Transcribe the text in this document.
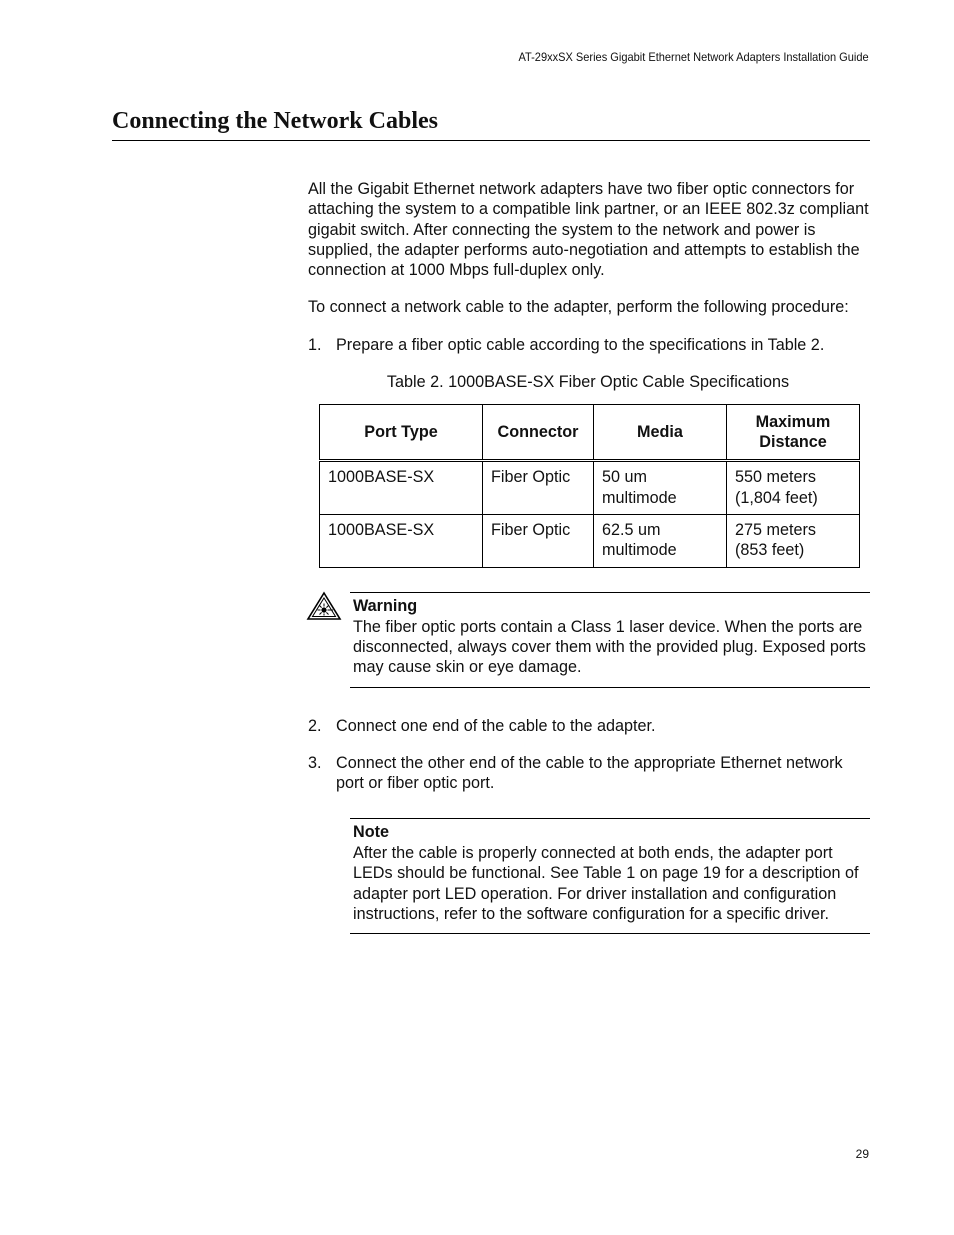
AT-29xxSX Series Gigabit Ethernet Network Adapters Installation Guide
Connecting the Network Cables

All the Gigabit Ethernet network adapters have two fiber optic connectors for attaching the system to a compatible link partner, or an IEEE 802.3z compliant gigabit switch. After connecting the system to the network and power is supplied, the adapter performs auto-negotiation and attempts to establish the connection at 1000 Mbps full-duplex only.

To connect a network cable to the adapter, perform the following procedure:

1. Prepare a fiber optic cable according to the specifications in Table 2.
Table 2. 1000BASE-SX Fiber Optic Cable Specifications
Port Type	Connector	Media	Maximum Distance
1000BASE-SX	Fiber Optic	50 um multimode	550 meters (1,804 feet)
1000BASE-SX	Fiber Optic	62.5 um multimode	275 meters (853 feet)
Warning
The fiber optic ports contain a Class 1 laser device. When the ports are disconnected, always cover them with the provided plug. Exposed ports may cause skin or eye damage.
2. Connect one end of the cable to the adapter.
3. Connect the other end of the cable to the appropriate Ethernet network port or fiber optic port.
Note
After the cable is properly connected at both ends, the adapter port LEDs should be functional. See Table 1 on page 19 for a description of adapter port LED operation. For driver installation and configuration instructions, refer to the software configuration for a specific driver.
29
